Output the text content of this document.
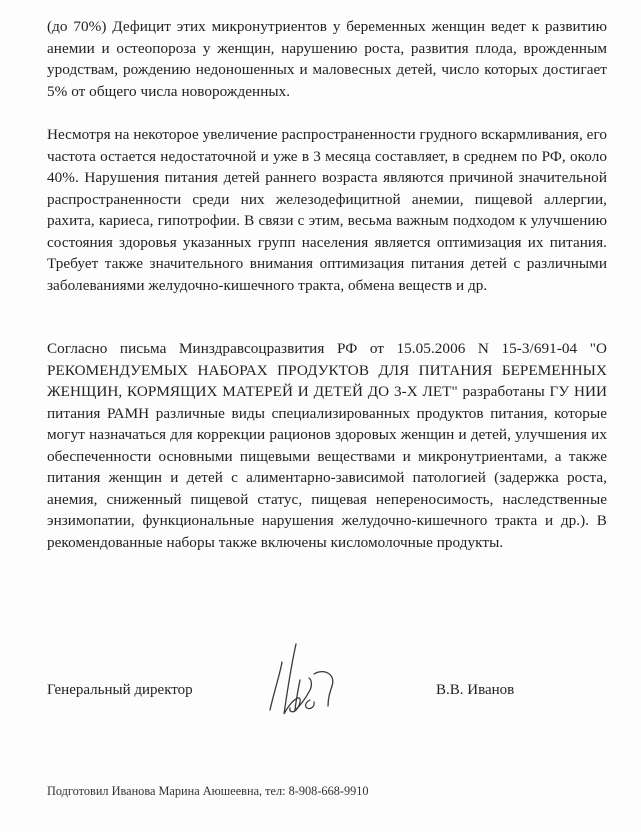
(до 70%) Дефицит этих микронутриентов у беременных женщин ведет к развитию анемии и остеопороза у женщин, нарушению роста, развития плода, врожденным уродствам, рождению недоношенных и маловесных детей, число которых достигает 5% от общего числа новорожденных.

Несмотря на некоторое увеличение распространенности грудного вскармливания, его частота остается недостаточной и уже в 3 месяца составляет, в среднем по РФ, около 40%. Нарушения питания детей раннего возраста являются причиной значительной распространенности среди них железодефицитной анемии, пищевой аллергии, рахита, кариеса, гипотрофии. В связи с этим, весьма важным подходом к улучшению состояния здоровья указанных групп населения является оптимизация их питания. Требует также значительного внимания оптимизация питания детей с различными заболеваниями желудочно-кишечного тракта, обмена веществ и др.

Согласно письма Минздравсоцразвития РФ от 15.05.2006 N 15-3/691-04 "О РЕКОМЕНДУЕМЫХ НАБОРАХ ПРОДУКТОВ ДЛЯ ПИТАНИЯ БЕРЕМЕННЫХ ЖЕНЩИН, КОРМЯЩИХ МАТЕРЕЙ И ДЕТЕЙ ДО 3-Х ЛЕТ" разработаны ГУ НИИ питания РАМН различные виды специализированных продуктов питания, которые могут назначаться для коррекции рационов здоровых женщин и детей, улучшения их обеспеченности основными пищевыми веществами и микронутриентами, а также питания женщин и детей с алиментарно-зависимой патологией (задержка роста, анемия, сниженный пищевой статус, пищевая непереносимость, наследственные энзимопатии, функциональные нарушения желудочно-кишечного тракта и др.). В рекомендованные наборы также включены кисломолочные продукты.

Генеральный директор	В.В. Иванов
Подготовил Иванова Марина Аюшеевна, тел: 8-908-668-9910
